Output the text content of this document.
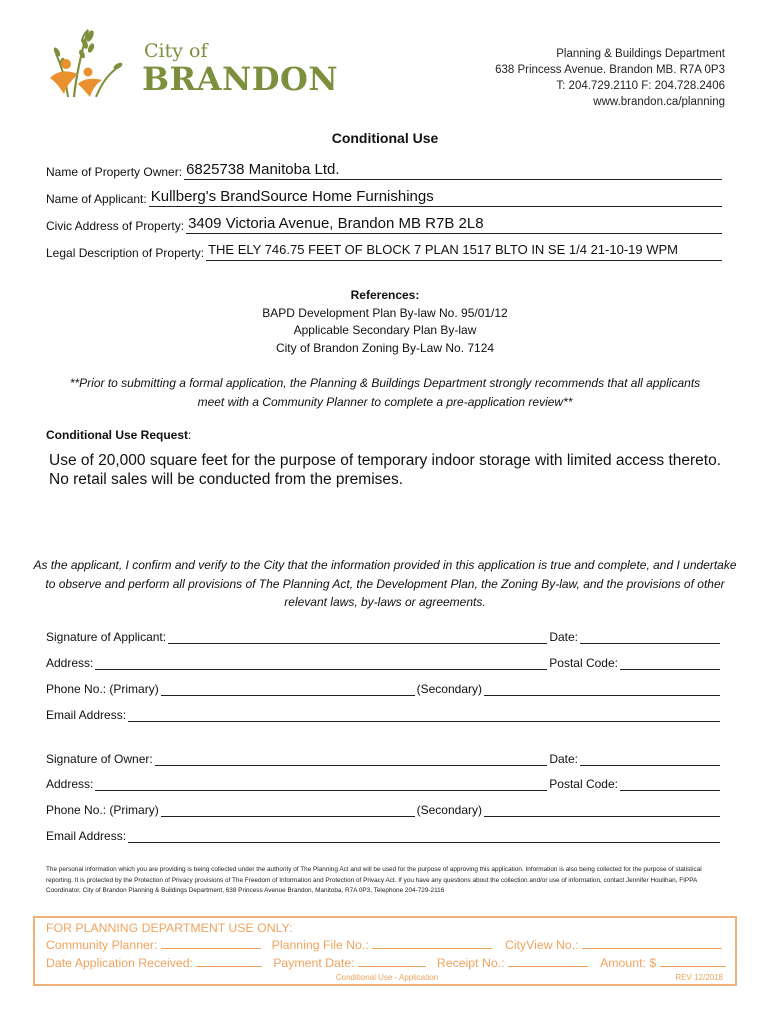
City of
BRANDON
Planning & Buildings Department
638 Princess Avenue. Brandon MB. R7A 0P3
T: 204.729.2110 F: 204.728.2406
www.brandon.ca/planning
Conditional Use
Name of Property Owner: 6825738 Manitoba Ltd.
Name of Applicant: Kullberg's BrandSource Home Furnishings
Civic Address of Property: 3409 Victoria Avenue, Brandon MB R7B 2L8
Legal Description of Property: THE ELY 746.75 FEET OF BLOCK 7 PLAN 1517 BLTO IN SE 1/4 21-10-19 WPM
References:
BAPD Development Plan By-law No. 95/01/12
Applicable Secondary Plan By-law
City of Brandon Zoning By-Law No. 7124
**Prior to submitting a formal application, the Planning & Buildings Department strongly recommends that all applicants meet with a Community Planner to complete a pre-application review**
Conditional Use Request:
Use of 20,000 square feet for the purpose of temporary indoor storage with limited access thereto.
No retail sales will be conducted from the premises.
As the applicant, I confirm and verify to the City that the information provided in this application is true and complete, and I undertake to observe and perform all provisions of The Planning Act, the Development Plan, the Zoning By-law, and the provisions of other relevant laws, by-laws or agreements.
Signature of Applicant:	Date:
Address:	Postal Code:
Phone No.: (Primary)	(Secondary)
Email Address:
Signature of Owner:	Date:
Address:	Postal Code:
Phone No.: (Primary)	(Secondary)
Email Address:
The personal information which you are providing is being collected under the authority of The Planning Act and will be used for the purpose of approving this application. Information is also being collected for the purpose of statistical reporting. It is protected by the Protection of Privacy provisions of The Freedom of Information and Protection of Privacy Act. If you have any questions about the collection and/or use of information, contact Jennifer Houlihan, FIPPA Coordinator, City of Brandon Planning & Buildings Department, 638 Princess Avenue Brandon, Manitoba, R7A 0P3, Telephone 204-729-2116
FOR PLANNING DEPARTMENT USE ONLY:
Community Planner:	Planning File No.:	CityView No.:
Date Application Received:	Payment Date:	Receipt No.:	Amount: $
Conditional Use - Application	REV 12/2018
